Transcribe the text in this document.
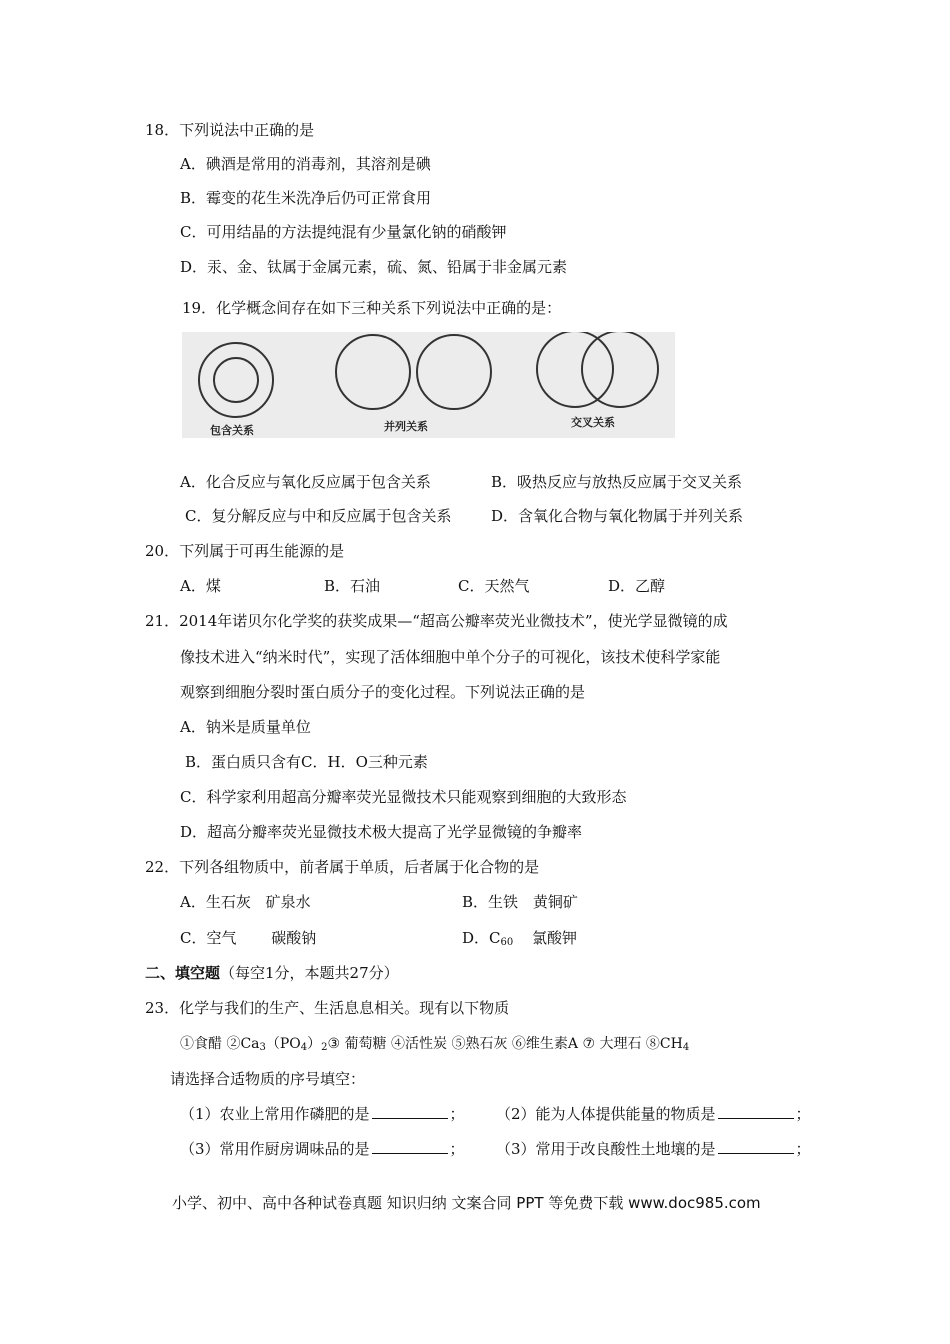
18．下列说法中正确的是
A．碘酒是常用的消毒剂，其溶剂是碘
B．霉变的花生米洗净后仍可正常食用
C．可用结晶的方法提纯混有少量氯化钠的硝酸钾
D．汞、金、钛属于金属元素，硫、氮、铅属于非金属元素
19．化学概念间存在如下三种关系下列说法中正确的是：
包含关系	并列关系	交叉关系
A．化合反应与氧化反应属于包含关系	B．吸热反应与放热反应属于交叉关系
C．复分解反应与中和反应属于包含关系	D．含氧化合物与氧化物属于并列关系
20．下列属于可再生能源的是
A．煤	B．石油	C．天然气	D．乙醇
21．2014年诺贝尔化学奖的获奖成果—“超高公瓣率荧光业微技术”，使光学显微镜的成
像技术进入“纳米时代”，实现了活体细胞中单个分子的可视化，该技术使科学家能
观察到细胞分裂时蛋白质分子的变化过程。下列说法正确的是
A．钠米是质量单位
B．蛋白质只含有C．H．O三种元素
C．科学家利用超高分瓣率荧光显微技术只能观察到细胞的大致形态
D．超高分瓣率荧光显微技术极大提高了光学显微镜的争瓣率
22．下列各组物质中，前者属于单质，后者属于化合物的是
A．生石灰 矿泉水	B．生铁 黄铜矿
C．空气 碳酸钠	D．$C_{60}$ 氯酸钾
二、填空题（每空1分，本题共27分）
23．化学与我们的生产、生活息息相关。现有以下物质
①食醋 $②Ca_3(PO_4)_2③$ 葡萄糖 ④活性炭 ⑤熟石灰 ⑥维生素A ⑦ 大理石 $⑧CH_4$
请选择合适物质的序号填空：
（1）农业上常用作磷肥的是	； （2）能为人体提供能量的物质是	；
（3）常用作厨房调味品的是	； （3）常用于改良酸性土地壤的是	；
小学、初中、高中各种试卷真题 知识归纳 文案合同 PPT 等免费下载 www.doc985.com
